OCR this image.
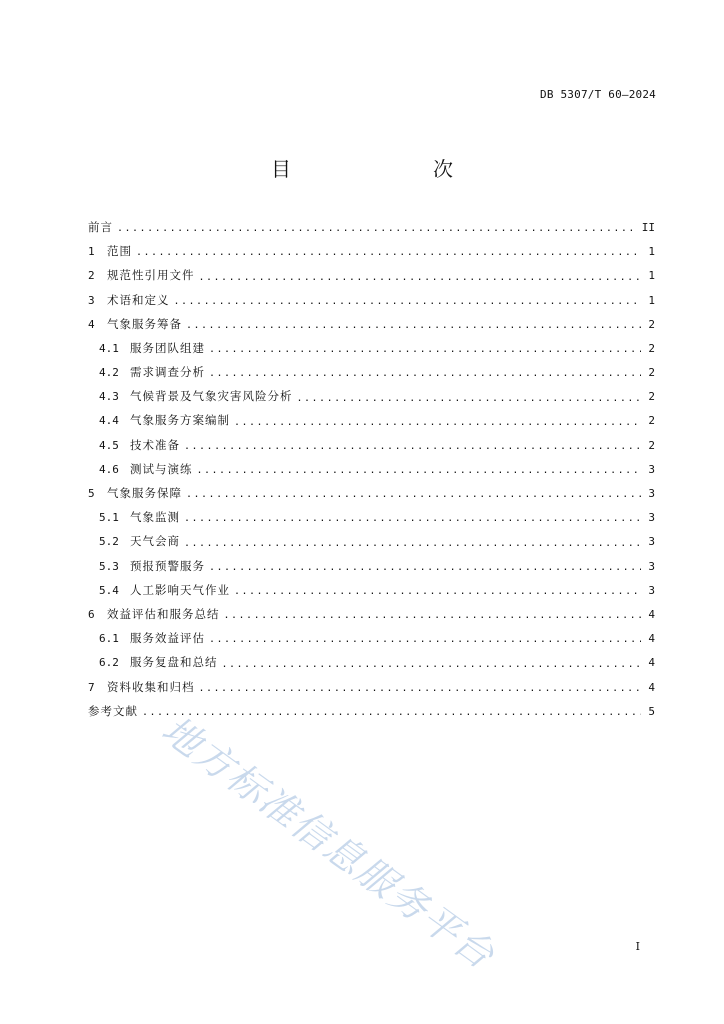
DB 5307/T 60—2024
目　　次
前言 .....	II
1	范围 .....	1
2	规范性引用文件 .....	1
3	术语和定义 .....	1
4	气象服务筹备 .....	2
4.1 服务团队组建 .....	2
4.2 需求调查分析 .....	2
4.3 气候背景及气象灾害风险分析 .....	2
4.4 气象服务方案编制 .....	2
4.5 技术准备 .....	2
4.6 测试与演练 .....	3
5	气象服务保障 .....	3
5.1 气象监测 .....	3
5.2 天气会商 .....	3
5.3 预报预警服务 .....	3
5.4 人工影响天气作业 .....	3
6	效益评估和服务总结 .....	4
6.1 服务效益评估 .....	4
6.2 服务复盘和总结 .....	4
7	资料收集和归档 .....	4
参考文献 .....	5
地方标准信息服务平台	I
